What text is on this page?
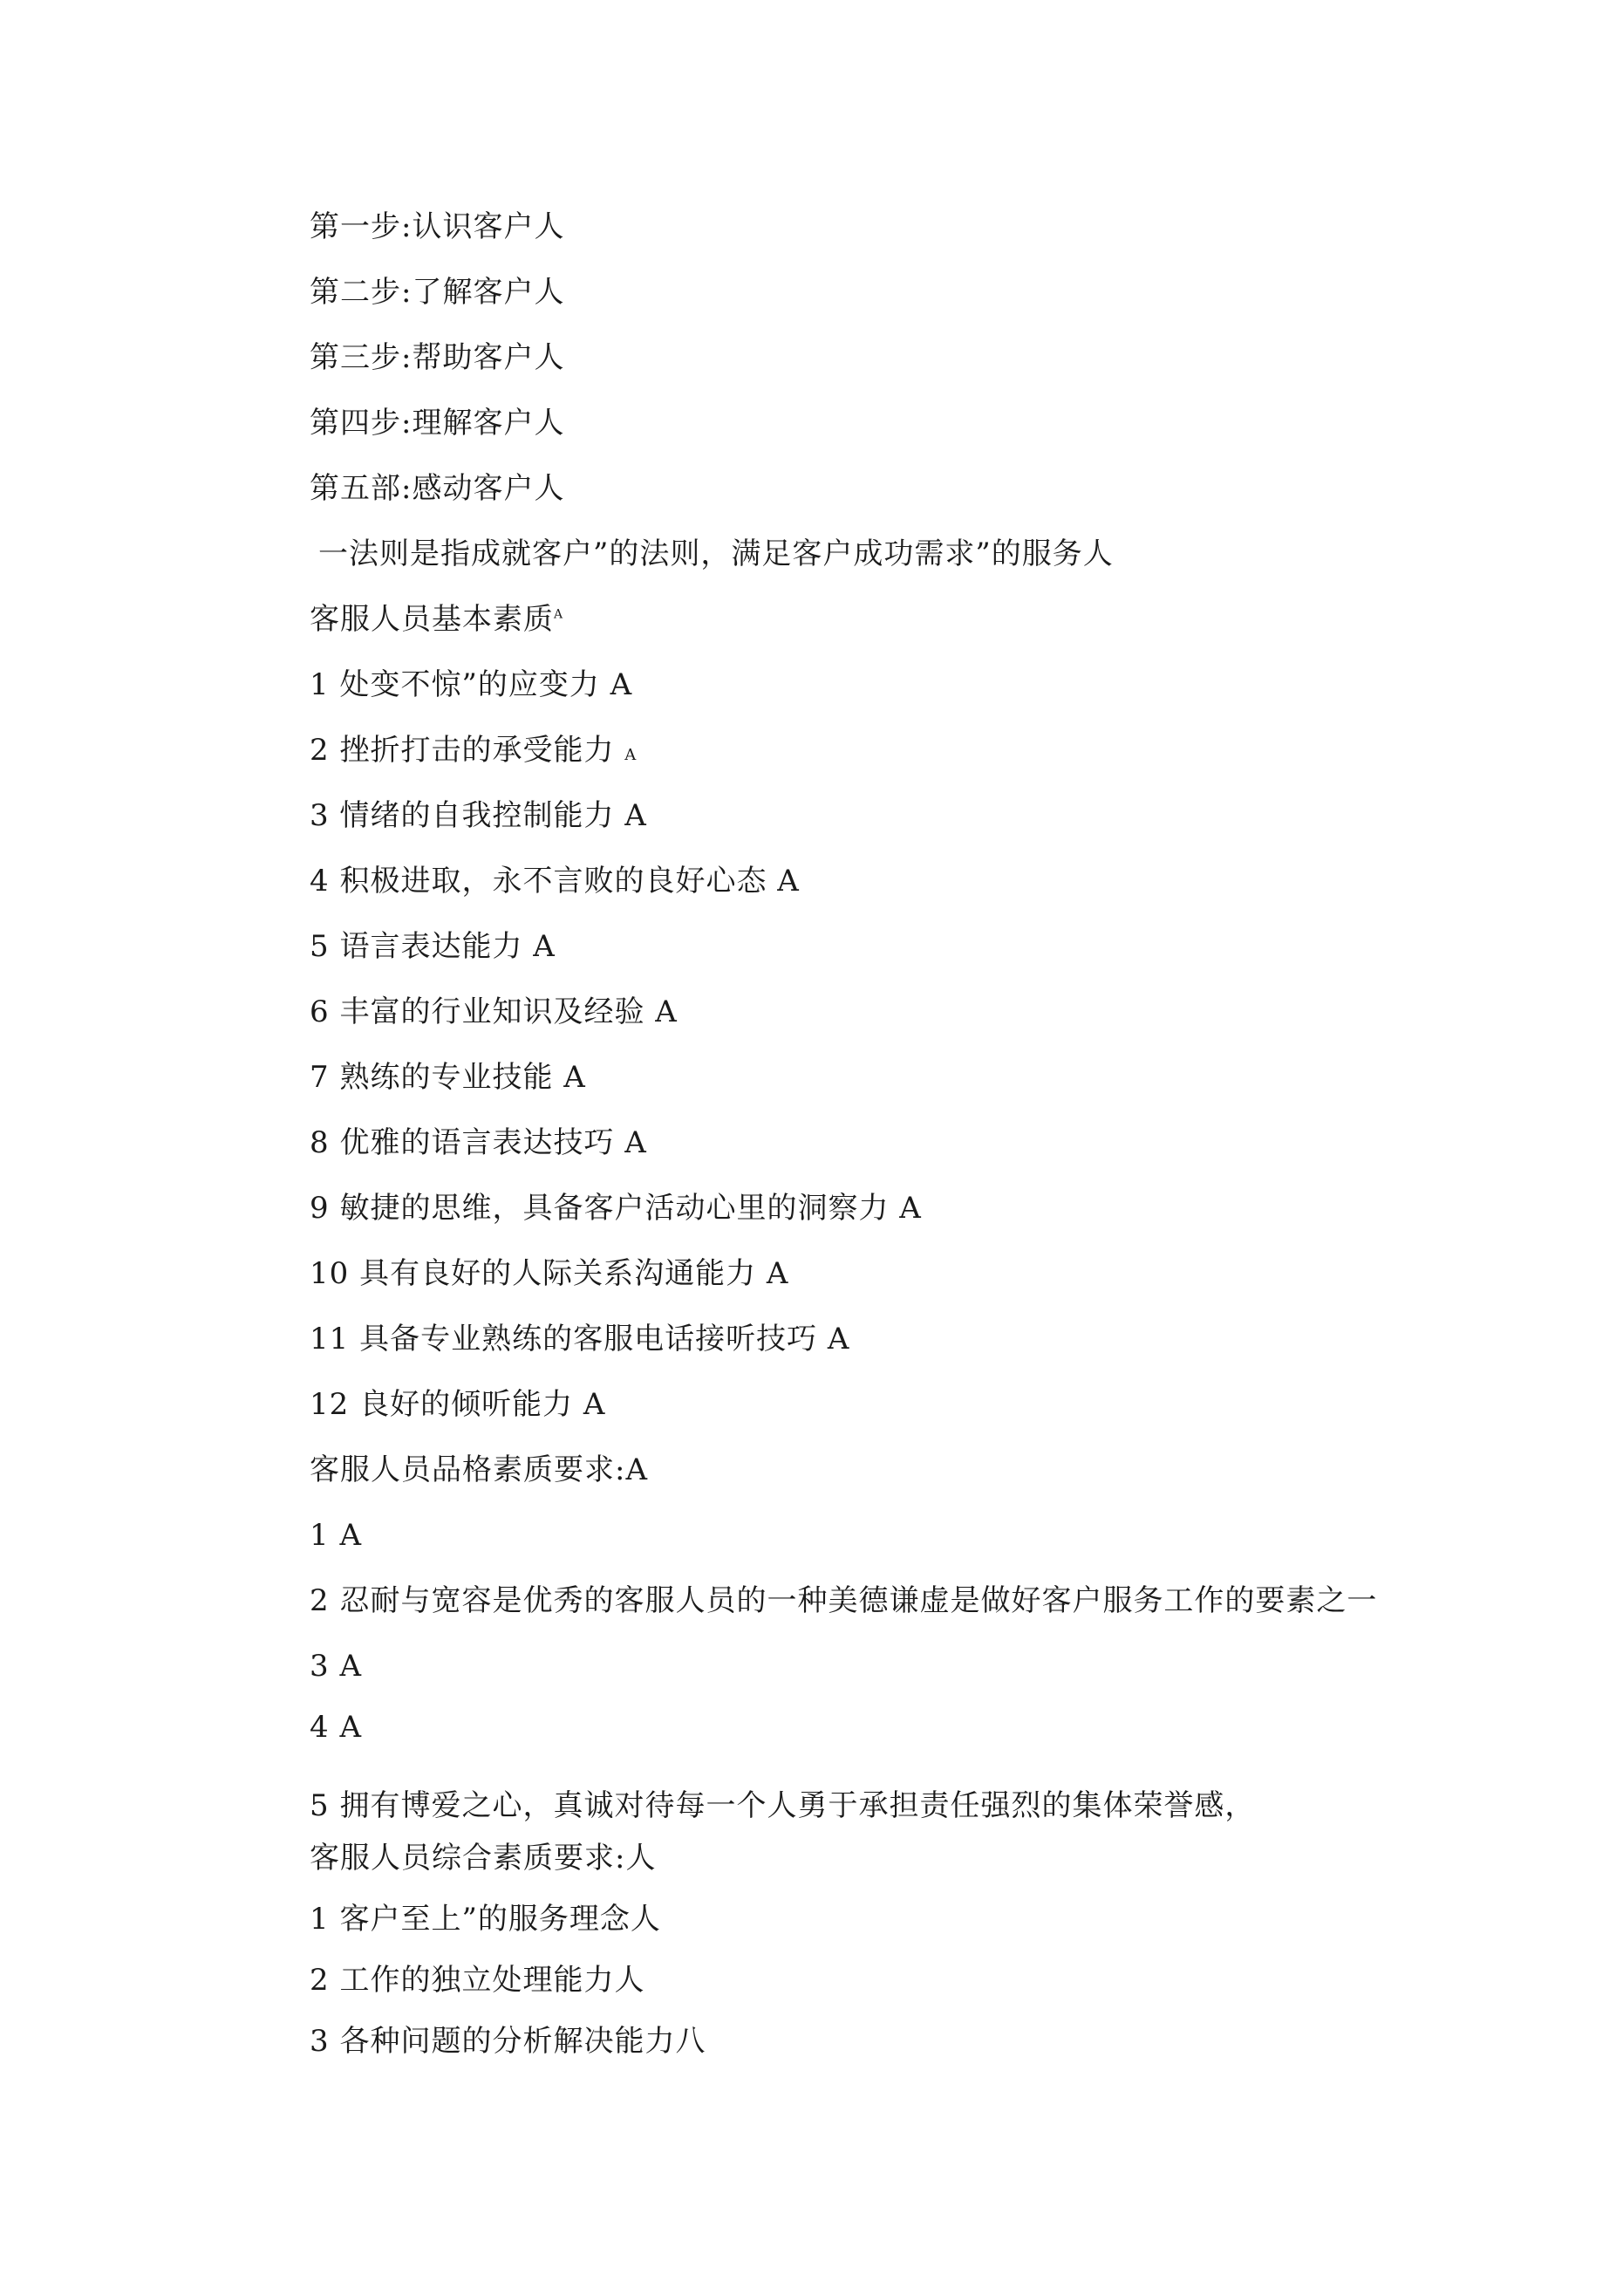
第一步:认识客户人
第二步:了解客户人
第三步:帮助客户人
第四步:理解客户人
第五部:感动客户人
一法则是指成就客户”的法则，满足客户成功需求”的服务人
客服人员基本素质$^A$
1 处变不惊”的应变力 A
2 挫折打击的承受能力 A
3 情绪的自我控制能力 A
4 积极进取，永不言败的良好心态 A
5 语言表达能力 A
6 丰富的行业知识及经验 A
7 熟练的专业技能 A
8 优雅的语言表达技巧 A
9 敏捷的思维，具备客户活动心里的洞察力 A
10 具有良好的人际关系沟通能力 A
11 具备专业熟练的客服电话接听技巧 A
12 良好的倾听能力 A
客服人员品格素质要求:A
1 A
2 忍耐与宽容是优秀的客服人员的一种美德谦虚是做好客户服务工作的要素之一
3 A
4 A
5 拥有博爱之心，真诚对待每一个人勇于承担责任强烈的集体荣誉感，
客服人员综合素质要求:人
1 客户至上”的服务理念人
2 工作的独立处理能力人
3 各种问题的分析解决能力八
